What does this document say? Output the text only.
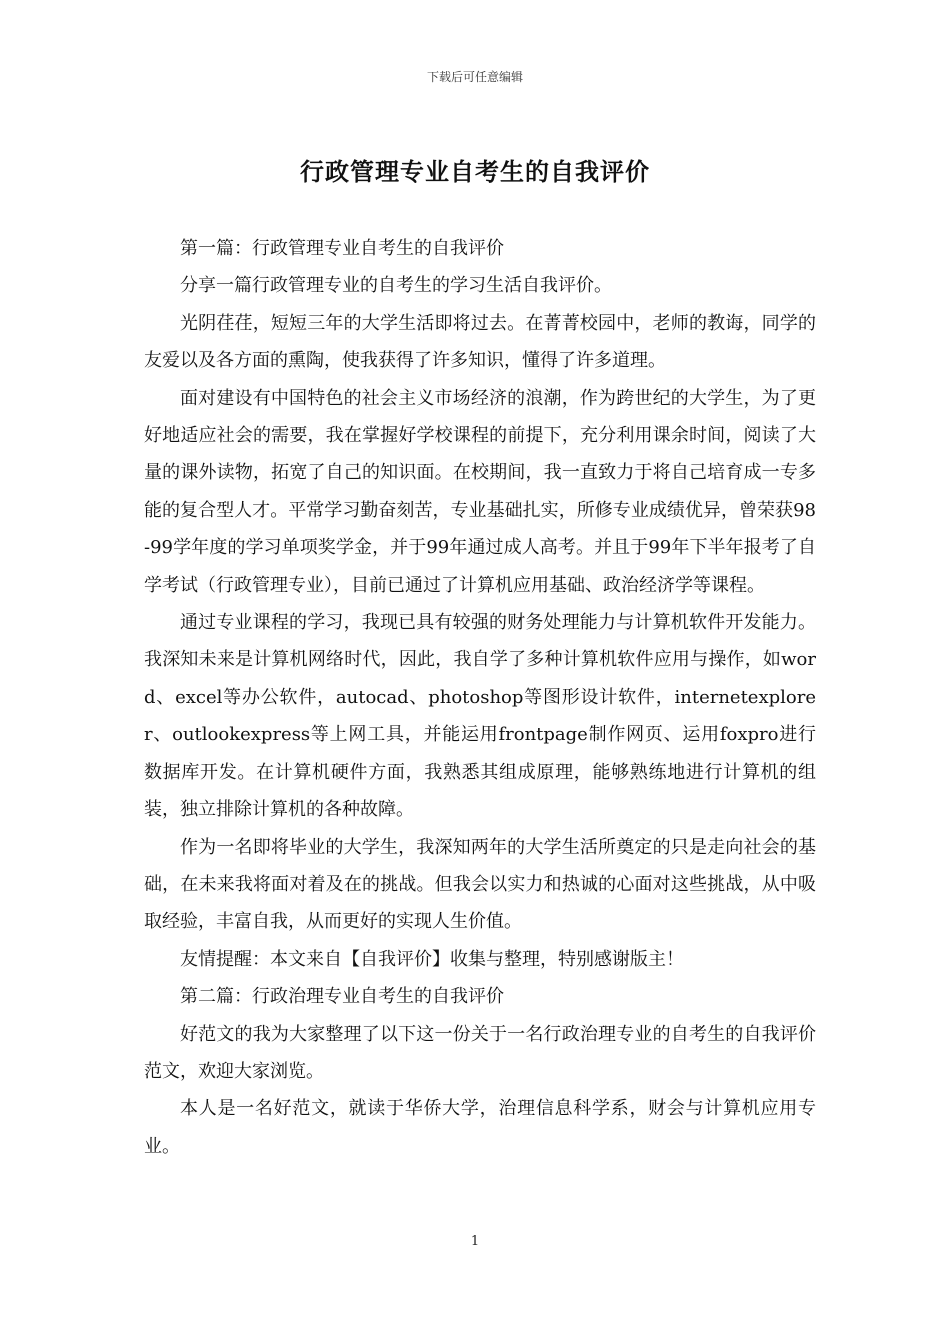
下载后可任意编辑
行政管理专业自考生的自我评价

第一篇：行政管理专业自考生的自我评价

分享一篇行政管理专业的自考生的学习生活自我评价。

光阴荏荏，短短三年的大学生活即将过去。在菁菁校园中，老师的教诲，同学的友爱以及各方面的熏陶，使我获得了许多知识，懂得了许多道理。

面对建设有中国特色的社会主义市场经济的浪潮，作为跨世纪的大学生，为了更好地适应社会的需要，我在掌握好学校课程的前提下，充分利用课余时间，阅读了大量的课外读物，拓宽了自己的知识面。在校期间，我一直致力于将自己培育成一专多能的复合型人才。平常学习勤奋刻苦，专业基础扎实，所修专业成绩优异，曾荣获98-99学年度的学习单项奖学金，并于99年通过成人高考。并且于99年下半年报考了自学考试（行政管理专业），目前已通过了计算机应用基础、政治经济学等课程。

通过专业课程的学习，我现已具有较强的财务处理能力与计算机软件开发能力。我深知未来是计算机网络时代，因此，我自学了多种计算机软件应用与操作，如word、excel等办公软件，autocad、photoshop等图形设计软件，internetexplorer、outlookexpress等上网工具，并能运用frontpage制作网页、运用foxpro进行数据库开发。在计算机硬件方面，我熟悉其组成原理，能够熟练地进行计算机的组装，独立排除计算机的各种故障。

作为一名即将毕业的大学生，我深知两年的大学生活所奠定的只是走向社会的基础，在未来我将面对着及在的挑战。但我会以实力和热诚的心面对这些挑战，从中吸取经验，丰富自我，从而更好的实现人生价值。

友情提醒：本文来自【自我评价】收集与整理，特别感谢版主！

第二篇：行政治理专业自考生的自我评价

好范文的我为大家整理了以下这一份关于一名行政治理专业的自考生的自我评价范文，欢迎大家浏览。

本人是一名好范文，就读于华侨大学，治理信息科学系，财会与计算机应用专业。

1
